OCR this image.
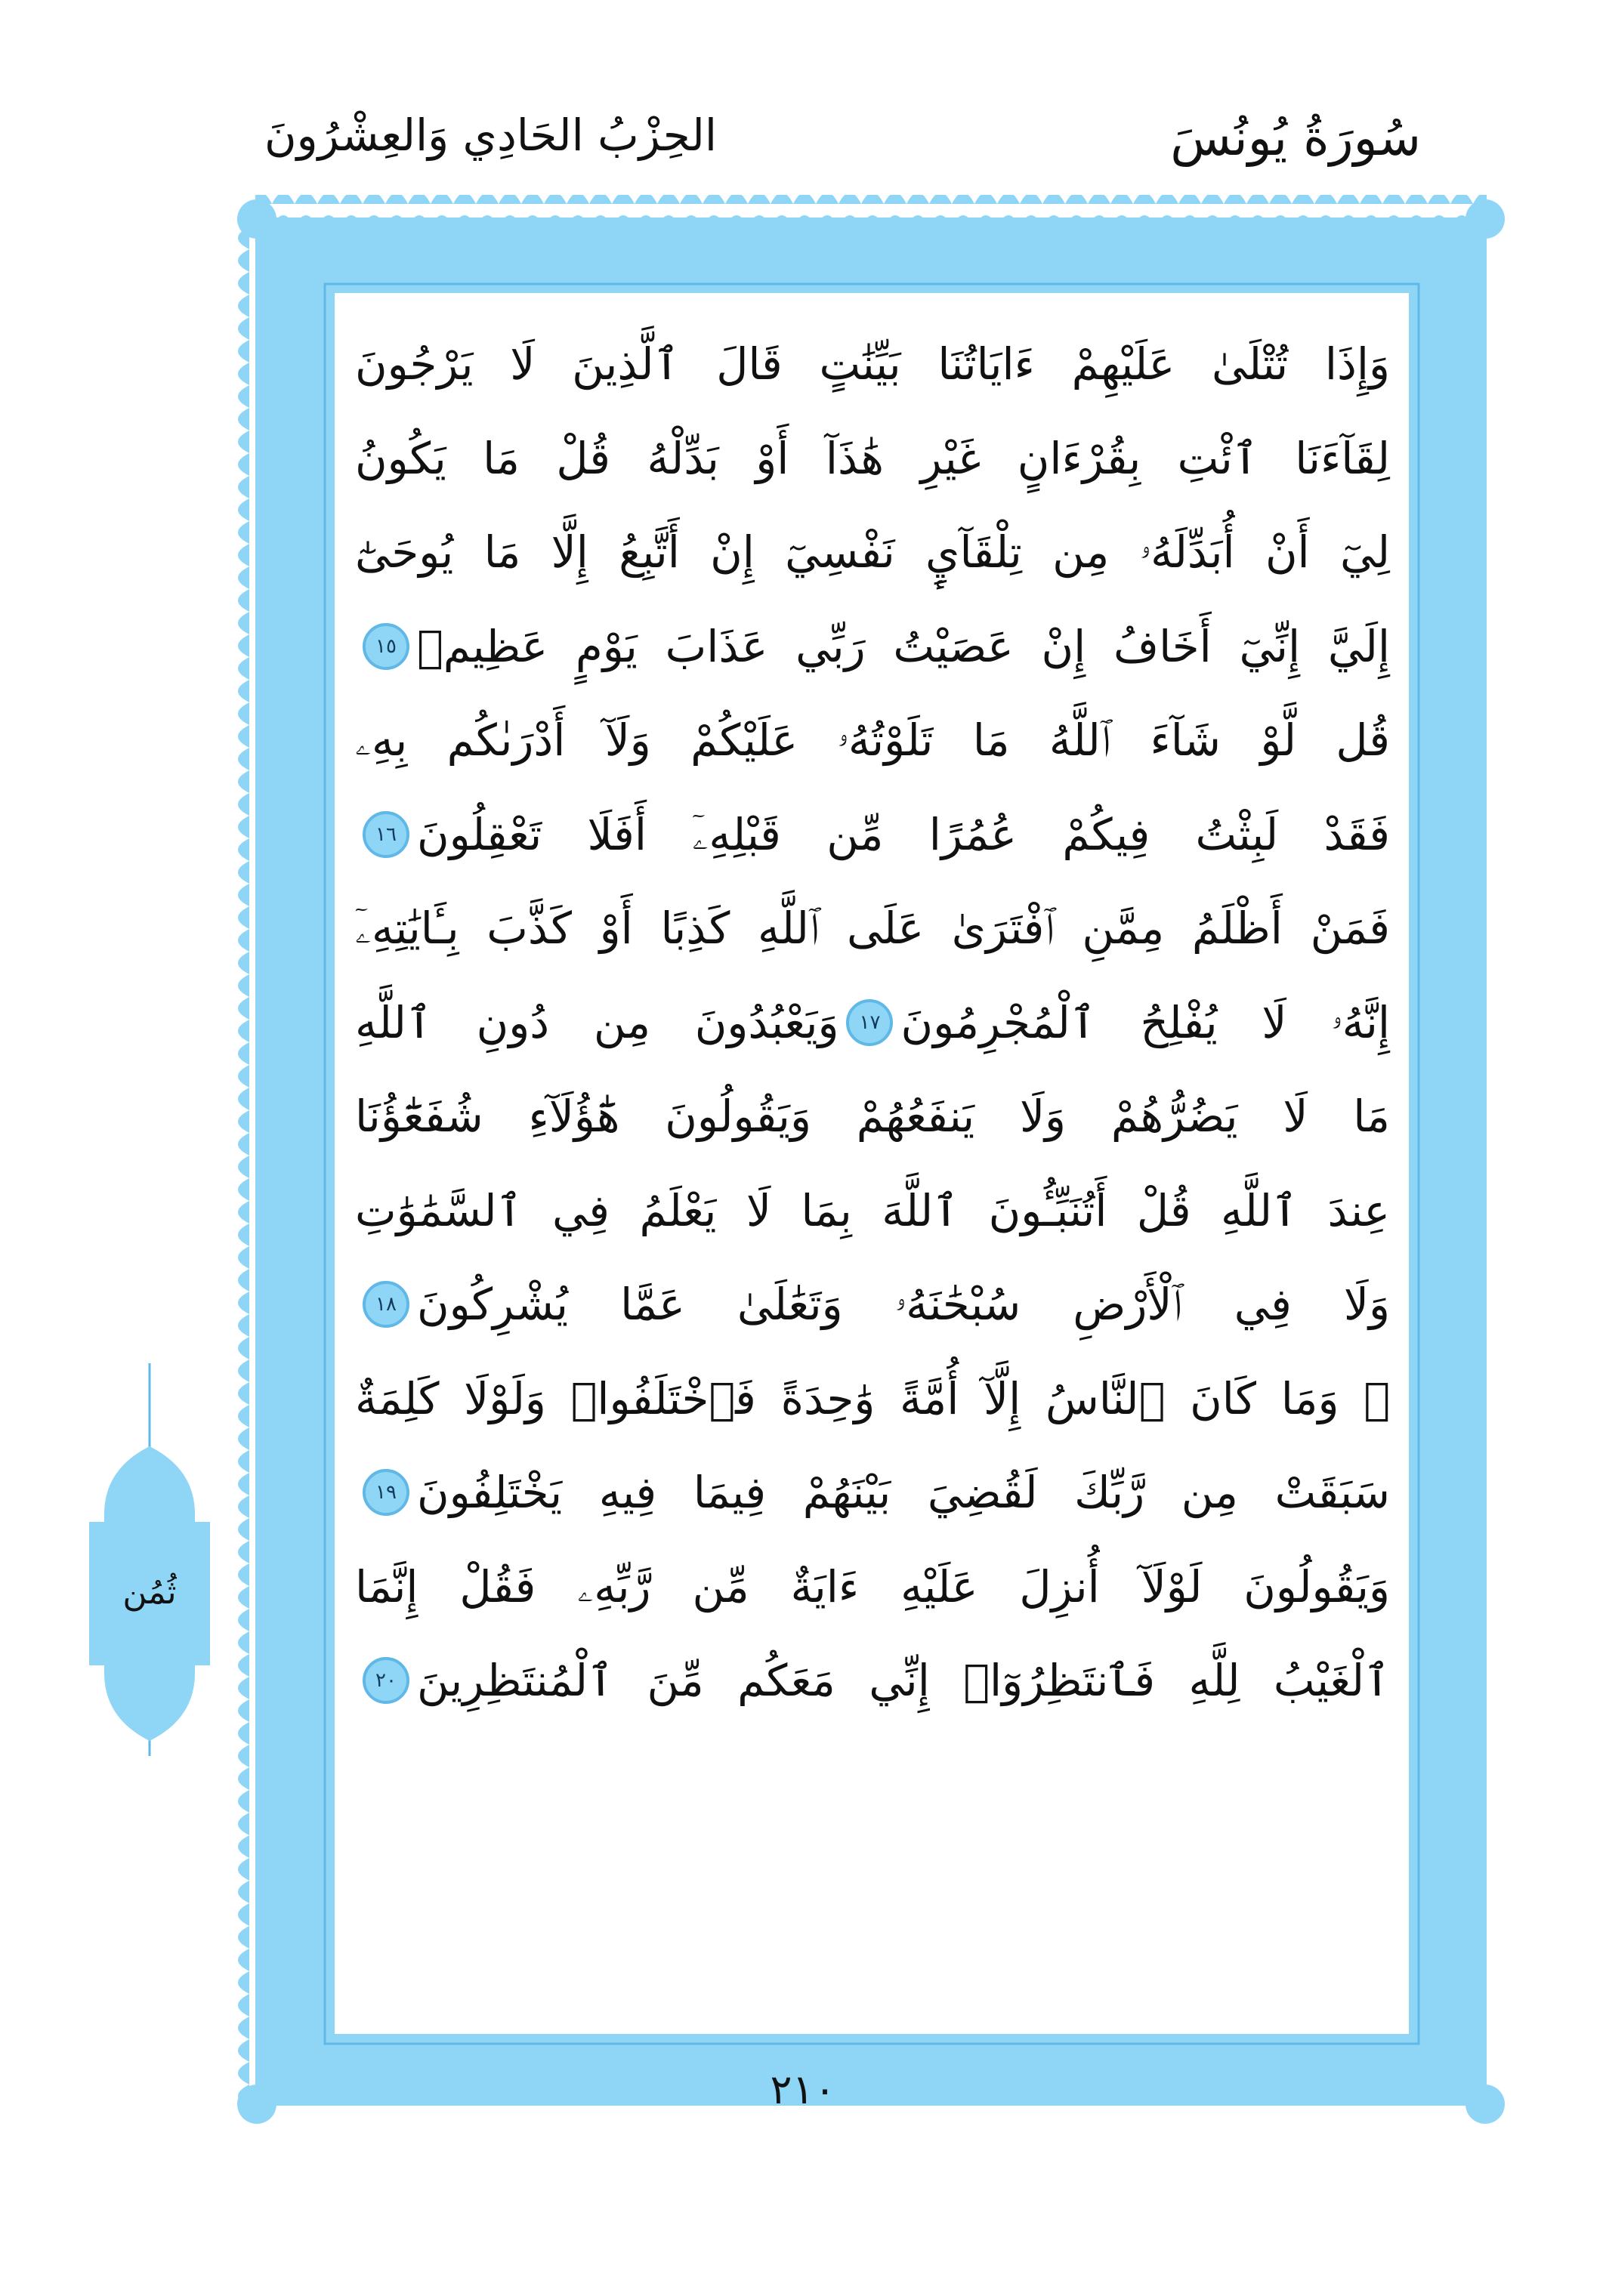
سُورَةُ يُونُسَ
الحِزْبُ الحَادِي وَالعِشْرُونَ
وَإِذَا تُتْلَىٰ عَلَيْهِمْ ءَايَاتُنَا بَيِّنَٰتٍ قَالَ ٱلَّذِينَ لَا يَرْجُونَ
لِقَآءَنَا ٱئْتِ بِقُرْءَانٍ غَيْرِ هَٰذَآ أَوْ بَدِّلْهُ قُلْ مَا يَكُونُ
لِيٓ أَنْ أُبَدِّلَهُۥ مِن تِلْقَآيِٕ نَفْسِيٓ إِنْ أَتَّبِعُ إِلَّا مَا يُوحَىٰٓ
إِلَيَّ إِنِّيٓ أَخَافُ إِنْ عَصَيْتُ رَبِّي عَذَابَ يَوْمٍ عَظِيمٖ
١٥
قُل لَّوْ شَآءَ ٱللَّهُ مَا تَلَوْتُهُۥ عَلَيْكُمْ وَلَآ أَدْرَىٰكُم بِهِۦ
فَقَدْ لَبِثْتُ فِيكُمْ عُمُرًا مِّن قَبْلِهِۦٓ أَفَلَا تَعْقِلُونَ
١٦
فَمَنْ أَظْلَمُ مِمَّنِ ٱفْتَرَىٰ عَلَى ٱللَّهِ كَذِبًا أَوْ كَذَّبَ بِـَٔايَٰتِهِۦٓ
إِنَّهُۥ لَا يُفْلِحُ ٱلْمُجْرِمُونَ
١٧
وَيَعْبُدُونَ مِن دُونِ ٱللَّهِ
مَا لَا يَضُرُّهُمْ وَلَا يَنفَعُهُمْ وَيَقُولُونَ هَٰٓؤُلَآءِ شُفَعَٰٓؤُنَا
عِندَ ٱللَّهِ قُلْ أَتُنَبِّـُٔونَ ٱللَّهَ بِمَا لَا يَعْلَمُ فِي ٱلسَّمَٰوَٰتِ
وَلَا فِي ٱلْأَرْضِ سُبْحَٰنَهُۥ وَتَعَٰلَىٰ عَمَّا يُشْرِكُونَ
١٨
۞ وَمَا كَانَ ٱلنَّاسُ إِلَّآ أُمَّةً وَٰحِدَةً فَٱخْتَلَفُوا۟ وَلَوْلَا كَلِمَةٌ
سَبَقَتْ مِن رَّبِّكَ لَقُضِيَ بَيْنَهُمْ فِيمَا فِيهِ يَخْتَلِفُونَ
١٩
وَيَقُولُونَ لَوْلَآ أُنزِلَ عَلَيْهِ ءَايَةٌ مِّن رَّبِّهِۦ فَقُلْ إِنَّمَا
ٱلْغَيْبُ لِلَّهِ فَٱنتَظِرُوٓا۟ إِنِّي مَعَكُم مِّنَ ٱلْمُنتَظِرِينَ
٢٠
ثُمُن
٢١٠
